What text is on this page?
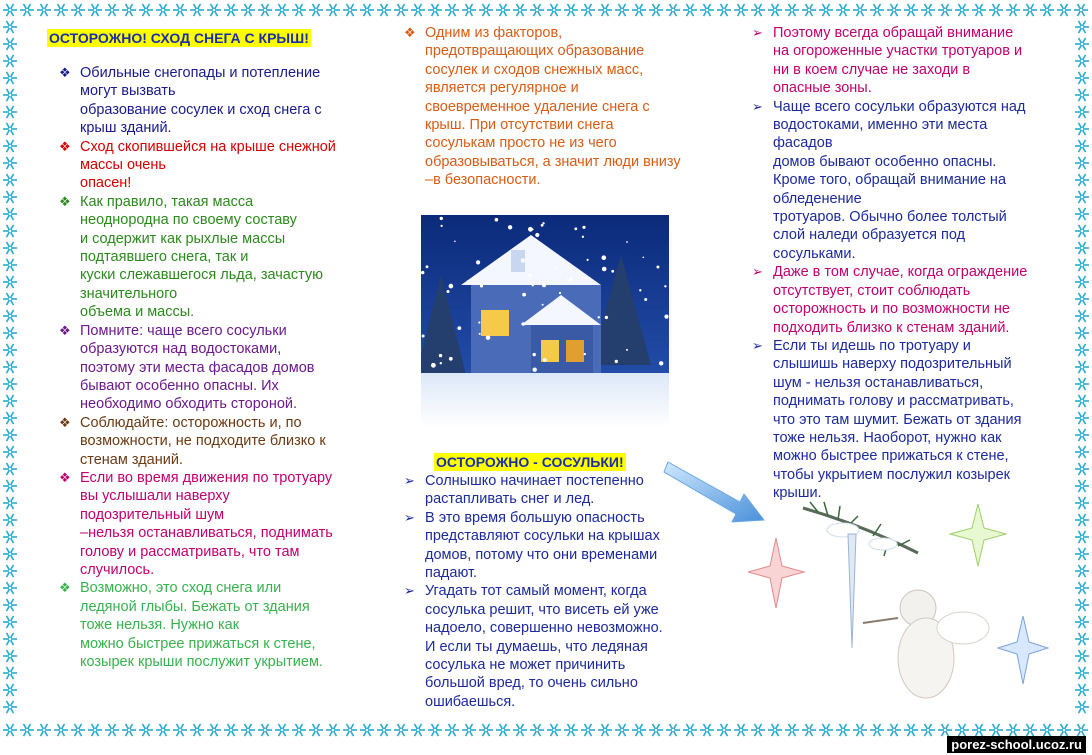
ОСТОРОЖНО! СХОД СНЕГА С КРЫШ!
❖ Обильные снегопады и потепление
могут вызвать
образование сосулек и сход снега с
крыш зданий.
❖ Сход скопившейся на крыше снежной
массы очень
опасен!
❖ Как правило, такая масса
неоднородна по своему составу
и содержит как рыхлые массы
подтаявшего снега, так и
куски слежавшегося льда, зачастую
значительного
объема и массы.
❖ Помните: чаще всего сосульки
образуются над водостоками,
поэтому эти места фасадов домов
бывают особенно опасны. Их
необходимо обходить стороной.
❖ Соблюдайте: осторожность и, по
возможности, не подходите близко к
стенам зданий.
❖ Если во время движения по тротуару
вы услышали наверху
подозрительный шум
–нельзя останавливаться, поднимать
голову и рассматривать, что там
случилось.
❖ Возможно, это сход снега или
ледяной глыбы. Бежать от здания
тоже нельзя. Нужно как
можно быстрее прижаться к стене,
козырек крыши послужит укрытием.
❖ Одним из факторов,
предотвращающих образование
сосулек и сходов снежных масс,
является регулярное и
своевременное удаление снега с
крыш. При отсутствии снега
сосулькам просто не из чего
образовываться, а значит люди внизу
–в безопасности.
ОСТОРОЖНО - СОСУЛЬКИ!
➢ Солнышко начинает постепенно
растапливать снег и лед.
➢ В это время большую опасность
представляют сосульки на крышах
домов, потому что они временами
падают.
➢ Угадать тот самый момент, когда
сосулька решит, что висеть ей уже
надоело, совершенно невозможно.
И если ты думаешь, что ледяная
сосулька не может причинить
большой вред, то очень сильно
ошибаешься.
➢ Поэтому всегда обращай внимание
на огороженные участки тротуаров и
ни в коем случае не заходи в
опасные зоны.
➢ Чаще всего сосульки образуются над
водостоками, именно эти места
фасадов
домов бывают особенно опасны.
Кроме того, обращай внимание на
обледенение
тротуаров. Обычно более толстый
слой наледи образуется под
сосульками.
➢ Даже в том случае, когда ограждение
отсутствует, стоит соблюдать
осторожность и по возможности не
подходить близко к стенам зданий.
➢ Если ты идешь по тротуару и
слышишь наверху подозрительный
шум - нельзя останавливаться,
поднимать голову и рассматривать,
что это там шумит. Бежать от здания
тоже нельзя. Наоборот, нужно как
можно быстрее прижаться к стене,
чтобы укрытием послужил козырек
крыши.
porez-school.ucoz.ru
